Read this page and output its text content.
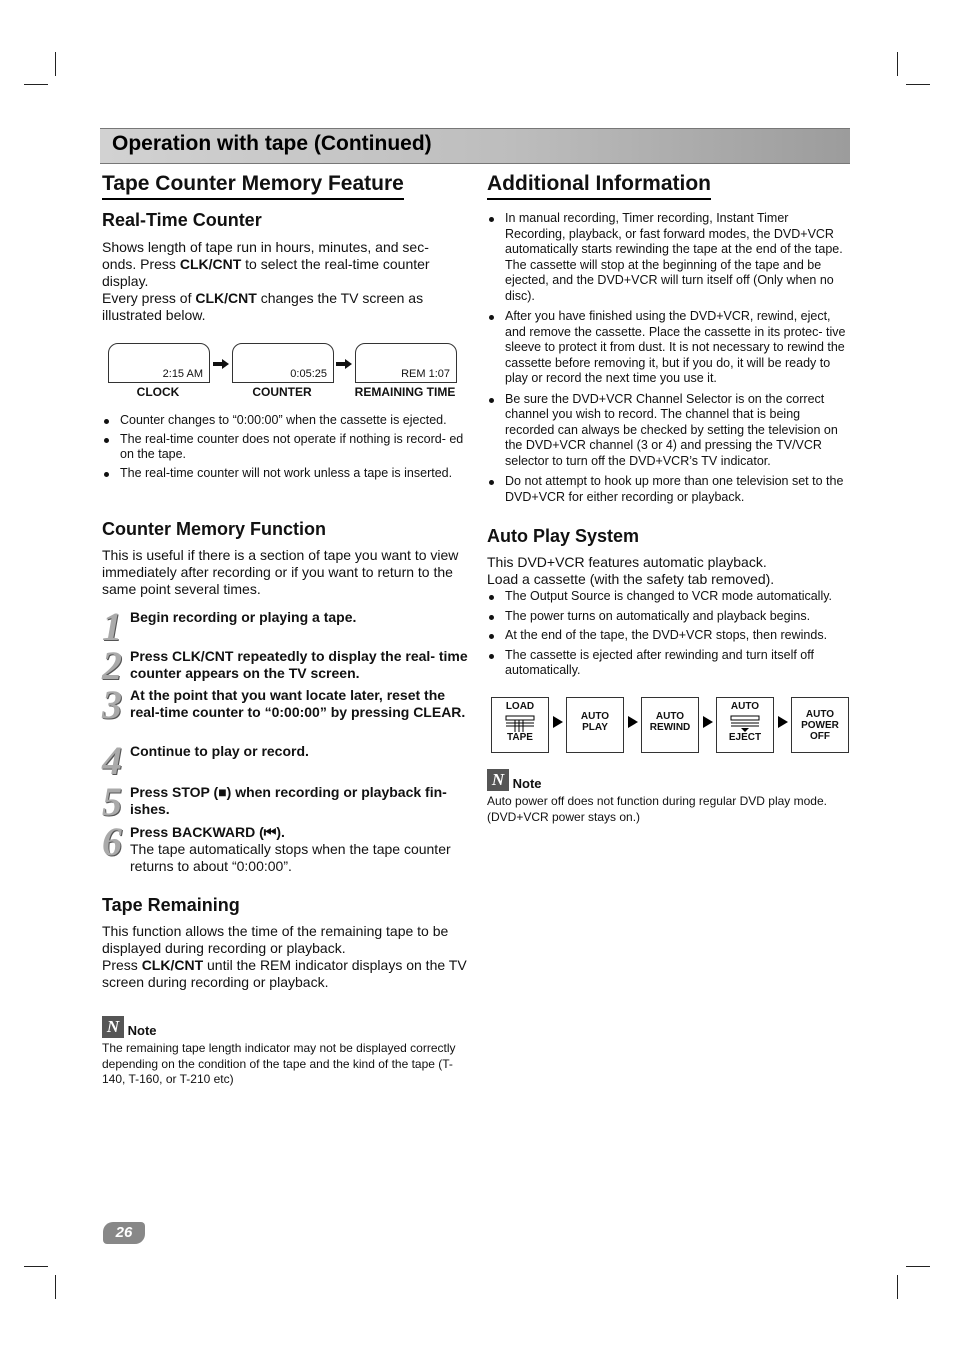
Operation with tape (Continued)
Tape Counter Memory Feature
Real-Time Counter
Shows length of tape run in hours, minutes, and sec-
onds. Press CLK/CNT to select the real-time counter
display.
Every press of CLK/CNT changes the TV screen as
illustrated below.
2:15 AM	0:05:25	REM 1:07
CLOCK	COUNTER	REMAINING TIME
Counter changes to “0:00:00” when the cassette is ejected.
The real-time counter does not operate if nothing is record- ed on the tape.
The real-time counter will not work unless a tape is inserted.
Counter Memory Function
This is useful if there is a section of tape you want to view immediately after recording or if you want to return to the same point several times.
1 Begin recording or playing a tape.
2 Press CLK/CNT repeatedly to display the real- time counter appears on the TV screen.
3 At the point that you want locate later, reset the real-time counter to “0:00:00” by pressing CLEAR.
4 Continue to play or record.
5 Press STOP (■) when recording or playback fin- ishes.
6 Press BACKWARD (⏮).
The tape automatically stops when the tape counter returns to about “0:00:00”.
Tape Remaining
This function allows the time of the remaining tape to be displayed during recording or playback.
Press CLK/CNT until the REM indicator displays on the TV screen during recording or playback.
N Note
The remaining tape length indicator may not be displayed correctly depending on the condition of the tape and the kind of the tape (T-140, T-160, or T-210 etc)
Additional Information
In manual recording, Timer recording, Instant Timer Recording, playback, or fast forward modes, the DVD+VCR automatically starts rewinding the tape at the end of the tape. The cassette will stop at the beginning of the tape and be ejected, and the DVD+VCR will turn itself off (Only when no disc).
After you have finished using the DVD+VCR, rewind, eject, and remove the cassette. Place the cassette in its protec- tive sleeve to protect it from dust. It is not necessary to rewind the cassette before removing it, but if you do, it will be ready to play or record the next time you use it.
Be sure the DVD+VCR Channel Selector is on the correct channel you wish to record. The channel that is being recorded can always be checked by setting the television on the DVD+VCR channel (3 or 4) and pressing the TV/VCR selector to turn off the DVD+VCR’s TV indicator.
Do not attempt to hook up more than one television set to the DVD+VCR for either recording or playback.
Auto Play System
This DVD+VCR features automatic playback.
Load a cassette (with the safety tab removed).
The Output Source is changed to VCR mode automatically.
The power turns on automatically and playback begins.
At the end of the tape, the DVD+VCR stops, then rewinds.
The cassette is ejected after rewinding and turn itself off automatically.
LOAD
TAPE
AUTO
PLAY
AUTO
REWIND
AUTO
EJECT
AUTO
POWER
OFF
N Note
Auto power off does not function during regular DVD play mode. (DVD+VCR power stays on.)
26
